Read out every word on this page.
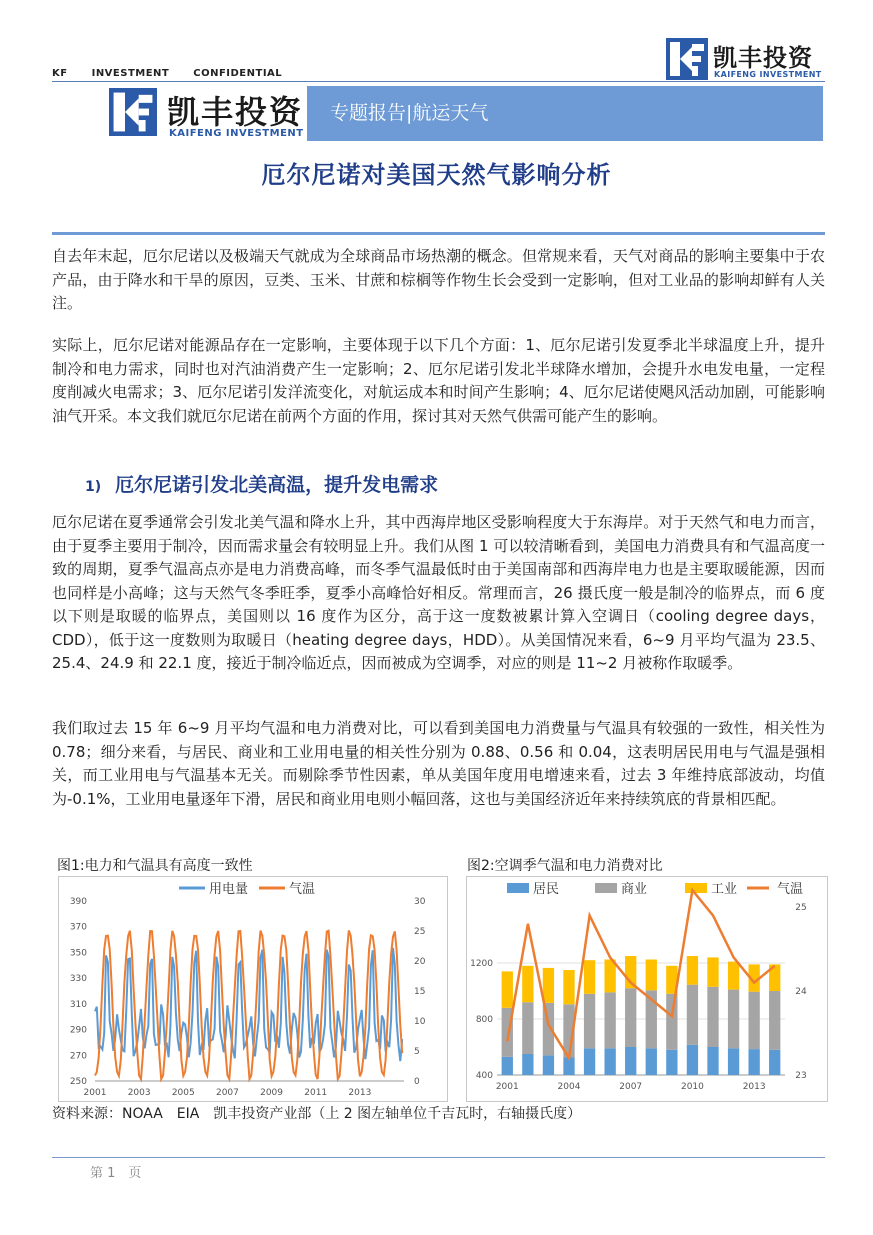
凯丰投资
KAIFENG INVESTMENT
KF INVESTMENT CONFIDENTIAL
凯丰投资
KAIFENG INVESTMENT
专题报告|航运天气
厄尔尼诺对美国天然气影响分析
自去年末起，厄尔尼诺以及极端天气就成为全球商品市场热潮的概念。但常规来看，天气对商品的影响主要集中于农产品，由于降水和干旱的原因，豆类、玉米、甘蔗和棕榈等作物生长会受到一定影响，但对工业品的影响却鲜有人关注。
实际上，厄尔尼诺对能源品存在一定影响，主要体现于以下几个方面：1、厄尔尼诺引发夏季北半球温度上升，提升制冷和电力需求，同时也对汽油消费产生一定影响；2、厄尔尼诺引发北半球降水增加，会提升水电发电量，一定程度削减火电需求；3、厄尔尼诺引发洋流变化，对航运成本和时间产生影响；4、厄尔尼诺使飓风活动加剧，可能影响油气开采。本文我们就厄尔尼诺在前两个方面的作用，探讨其对天然气供需可能产生的影响。
1) 厄尔尼诺引发北美高温，提升发电需求
厄尔尼诺在夏季通常会引发北美气温和降水上升，其中西海岸地区受影响程度大于东海岸。对于天然气和电力而言，由于夏季主要用于制冷，因而需求量会有较明显上升。我们从图 1 可以较清晰看到，美国电力消费具有和气温高度一致的周期，夏季气温高点亦是电力消费高峰，而冬季气温最低时由于美国南部和西海岸电力也是主要取暖能源，因而也同样是小高峰；这与天然气冬季旺季，夏季小高峰恰好相反。常理而言，26 摄氏度一般是制冷的临界点，而 6 度以下则是取暖的临界点，美国则以 16 度作为区分，高于这一度数被累计算入空调日（cooling degree days，CDD），低于这一度数则为取暖日（heating degree days，HDD）。从美国情况来看，6~9 月平均气温为 23.5、25.4、24.9 和 22.1 度，接近于制冷临近点，因而被成为空调季，对应的则是 11~2 月被称作取暖季。
我们取过去 15 年 6~9 月平均气温和电力消费对比，可以看到美国电力消费量与气温具有较强的一致性，相关性为 0.78；细分来看，与居民、商业和工业用电量的相关性分别为 0.88、0.56 和 0.04，这表明居民用电与气温是强相关，而工业用电与气温基本无关。而剔除季节性因素，单从美国年度用电增速来看，过去 3 年维持底部波动，均值为-0.1%，工业用电量逐年下滑，居民和商业用电则小幅回落，这也与美国经济近年来持续筑底的背景相匹配。
图1:电力和气温具有高度一致性	图2:空调季气温和电力消费对比
用电量	气温
250
270
290
310
330
350
370
390
0
5
10
15
20
25
30
2001 2003 2005 2007 2009 2011 2013
居民	商业	工业	气温
400
800
1200
23
24
25
2001	2004	2007	2010	2013
资料来源：NOAA　EIA　凯丰投资产业部（上 2 图左轴单位千吉瓦时，右轴摄氏度）
第 1　页
